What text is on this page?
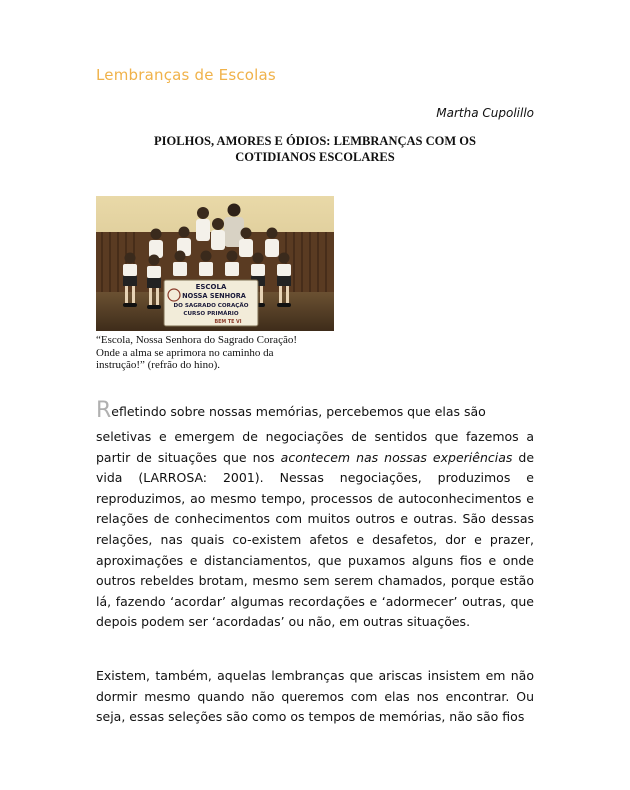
Lembranças de Escolas
Martha Cupolillo
PIOLHOS, AMORES E ÓDIOS: LEMBRANÇAS COM OS
COTIDIANOS ESCOLARES
ESCOLA
NOSSA SENHORA
DO SAGRADO CORAÇÃO
CURSO PRIMÁRIO
BEM TE VI
“Escola, Nossa Senhora do Sagrado Coração!
Onde a alma se aprimora no caminho da
instrução!” (refrão do hino).

Refletindo sobre nossas memórias, percebemos que elas são

seletivas e emergem de negociações de sentidos que fazemos a partir de situações que nos acontecem nas nossas experiências de vida (LARROSA: 2001). Nessas negociações, produzimos e reproduzimos, ao mesmo tempo, processos de autoconhecimentos e relações de conhecimentos com muitos outros e outras. São dessas relações, nas quais co-existem afetos e desafetos, dor e prazer, aproximações e distanciamentos, que puxamos alguns fios e onde outros rebeldes brotam, mesmo sem serem chamados, porque estão lá, fazendo ‘acordar’ algumas recordações e ‘adormecer’ outras, que depois podem ser ‘acordadas’ ou não, em outras situações.

Existem, também, aquelas lembranças que ariscas insistem em não dormir mesmo quando não queremos com elas nos encontrar. Ou seja, essas seleções são como os tempos de memórias, não são fios
